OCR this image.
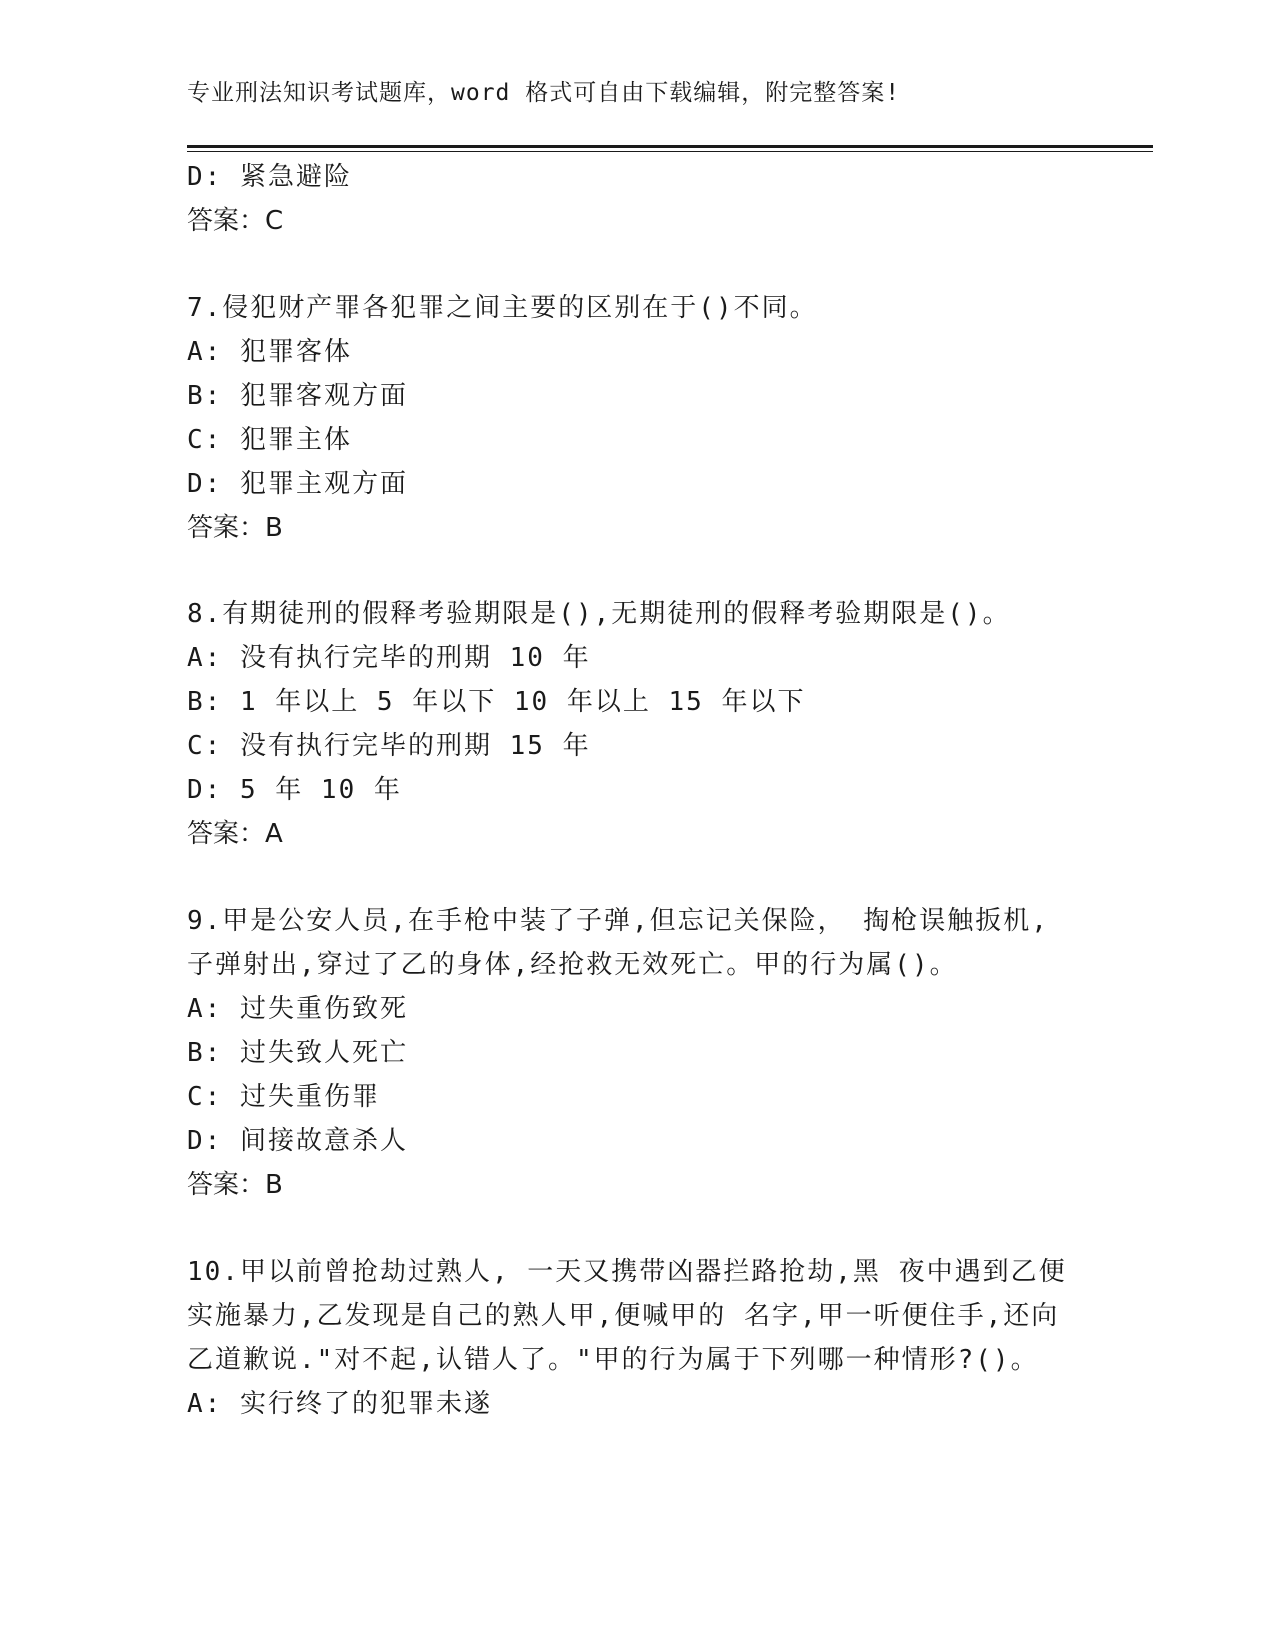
专业刑法知识考试题库，word 格式可自由下载编辑，附完整答案!
D: 紧急避险
答案：C
7.侵犯财产罪各犯罪之间主要的区别在于()不同。
A: 犯罪客体
B: 犯罪客观方面
C: 犯罪主体
D: 犯罪主观方面
答案：B
8.有期徒刑的假释考验期限是(),无期徒刑的假释考验期限是()。
A: 没有执行完毕的刑期 10 年
B: 1 年以上 5 年以下 10 年以上 15 年以下
C: 没有执行完毕的刑期 15 年
D: 5 年 10 年
答案：A
9.甲是公安人员,在手枪中装了子弹,但忘记关保险， 掏枪误触扳机,
子弹射出,穿过了乙的身体,经抢救无效死亡。甲的行为属()。
A: 过失重伤致死
B: 过失致人死亡
C: 过失重伤罪
D: 间接故意杀人
答案：B
10.甲以前曾抢劫过熟人, 一天又携带凶器拦路抢劫,黑 夜中遇到乙便
实施暴力,乙发现是自己的熟人甲,便喊甲的 名字,甲一听便住手,还向
乙道歉说."对不起,认错人了。"甲的行为属于下列哪一种情形?()。
A: 实行终了的犯罪未遂
